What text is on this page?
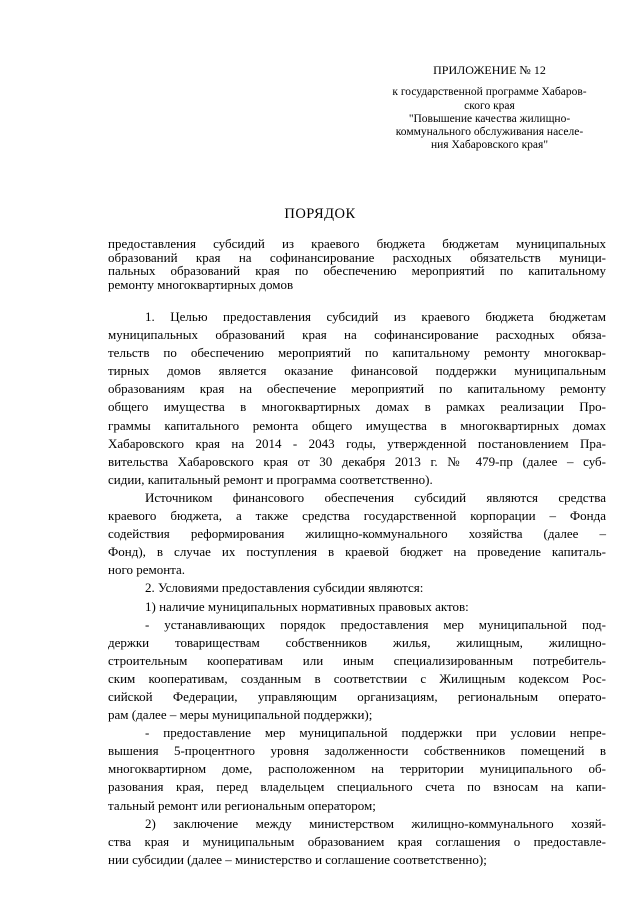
ПРИЛОЖЕНИЕ № 12
к государственной программе Хабаров-
ского края
"Повышение качества жилищно-
коммунального обслуживания населе-
ния Хабаровского края"
ПОРЯДОК
предоставления субсидий из краевого бюджета бюджетам муниципальных
образований края на софинансирование расходных обязательств муници-
пальных образований края по обеспечению мероприятий по капитальному
ремонту многоквартирных домов
1. Целью предоставления субсидий из краевого бюджета бюджетам
муниципальных образований края на софинансирование расходных обяза-
тельств по обеспечению мероприятий по капитальному ремонту многоквар-
тирных домов является оказание финансовой поддержки муниципальным
образованиям края на обеспечение мероприятий по капитальному ремонту
общего имущества в многоквартирных домах в рамках реализации Про-
граммы капитального ремонта общего имущества в многоквартирных домах
Хабаровского края на 2014 - 2043 годы, утвержденной постановлением Пра-
вительства Хабаровского края от 30 декабря 2013 г. № 479-пр (далее – суб-
сидии, капитальный ремонт и программа соответственно).
Источником финансового обеспечения субсидий являются средства
краевого бюджета, а также средства государственной корпорации – Фонда
содействия реформирования жилищно-коммунального хозяйства (далее –
Фонд), в случае их поступления в краевой бюджет на проведение капиталь-
ного ремонта.
2. Условиями предоставления субсидии являются:
1) наличие муниципальных нормативных правовых актов:
- устанавливающих порядок предоставления мер муниципальной под-
держки товариществам собственников жилья, жилищным, жилищно-
строительным кооперативам или иным специализированным потребитель-
ским кооперативам, созданным в соответствии с Жилищным кодексом Рос-
сийской Федерации, управляющим организациям, региональным операто-
рам (далее – меры муниципальной поддержки);
- предоставление мер муниципальной поддержки при условии непре-
вышения 5-процентного уровня задолженности собственников помещений в
многоквартирном доме, расположенном на территории муниципального об-
разования края, перед владельцем специального счета по взносам на капи-
тальный ремонт или региональным оператором;
2) заключение между министерством жилищно-коммунального хозяй-
ства края и муниципальным образованием края соглашения о предоставле-
нии субсидии (далее – министерство и соглашение соответственно);
